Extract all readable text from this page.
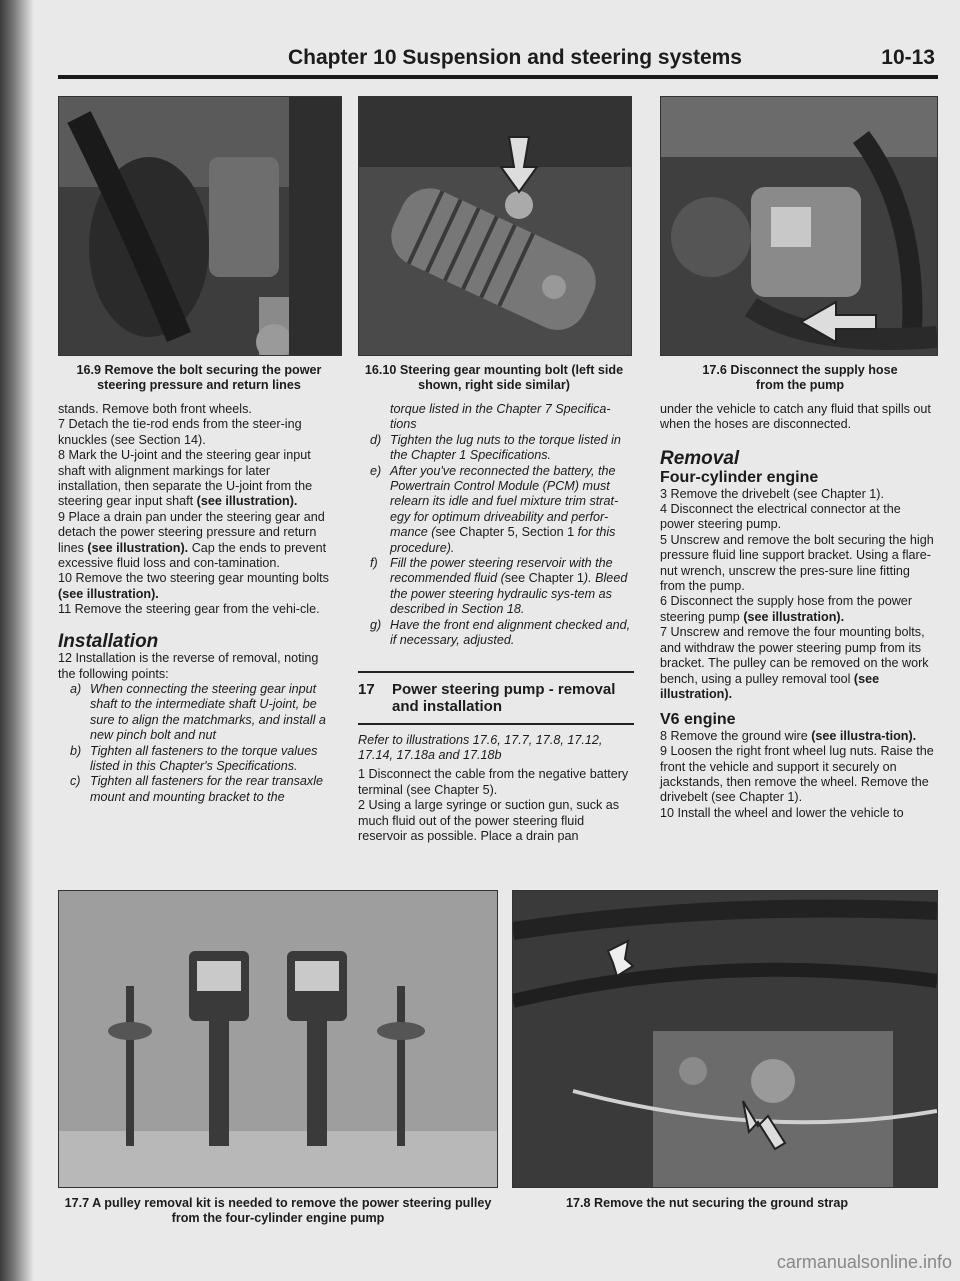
Chapter 10 Suspension and steering systems	10-13
16.9 Remove the bolt securing the power steering pressure and return lines
16.10 Steering gear mounting bolt (left side shown, right side similar)
17.6 Disconnect the supply hose from the pump

stands. Remove both front wheels.

7 Detach the tie-rod ends from the steer-ing knuckles (see Section 14).

8 Mark the U-joint and the steering gear input shaft with alignment markings for later installation, then separate the U-joint from the steering gear input shaft (see illustration).

9 Place a drain pan under the steering gear and detach the power steering pressure and return lines (see illustration). Cap the ends to prevent excessive fluid loss and con-tamination.

10 Remove the two steering gear mounting bolts (see illustration).

11 Remove the steering gear from the vehi-cle.

Installation

12 Installation is the reverse of removal, noting the following points:

a) When connecting the steering gear input shaft to the intermediate shaft U-joint, be sure to align the matchmarks, and install a new pinch bolt and nut
b) Tighten all fasteners to the torque values listed in this Chapter's Specifications.
c) Tighten all fasteners for the rear transaxle mount and mounting bracket to the
torque listed in the Chapter 7 Specifica-tions
d) Tighten the lug nuts to the torque listed in the Chapter 1 Specifications.
e) After you've reconnected the battery, the Powertrain Control Module (PCM) must relearn its idle and fuel mixture trim strat-egy for optimum driveability and perfor-mance (see Chapter 5, Section 1 for this procedure).
f) Fill the power steering reservoir with the recommended fluid (see Chapter 1). Bleed the power steering hydraulic sys-tem as described in Section 18.
g) Have the front end alignment checked and, if necessary, adjusted.
17 Power steering pump - removal and installation

Refer to illustrations 17.6, 17.7, 17.8, 17.12, 17.14, 17.18a and 17.18b

1 Disconnect the cable from the negative battery terminal (see Chapter 5).

2 Using a large syringe or suction gun, suck as much fluid out of the power steering fluid reservoir as possible. Place a drain pan

under the vehicle to catch any fluid that spills out when the hoses are disconnected.

Removal
Four-cylinder engine

3 Remove the drivebelt (see Chapter 1).

4 Disconnect the electrical connector at the power steering pump.

5 Unscrew and remove the bolt securing the high pressure fluid line support bracket. Using a flare-nut wrench, unscrew the pres-sure line fitting from the pump.

6 Disconnect the supply hose from the power steering pump (see illustration).

7 Unscrew and remove the four mounting bolts, and withdraw the power steering pump from its bracket. The pulley can be removed on the work bench, using a pulley removal tool (see illustration).

V6 engine

8 Remove the ground wire (see illustra-tion).

9 Loosen the right front wheel lug nuts. Raise the front the vehicle and support it securely on jackstands, then remove the wheel. Remove the drivebelt (see Chapter 1).

10 Install the wheel and lower the vehicle to

17.7 A pulley removal kit is needed to remove the power steering pulley from the four-cylinder engine pump
17.8 Remove the nut securing the ground strap
carmanualsonline.info
